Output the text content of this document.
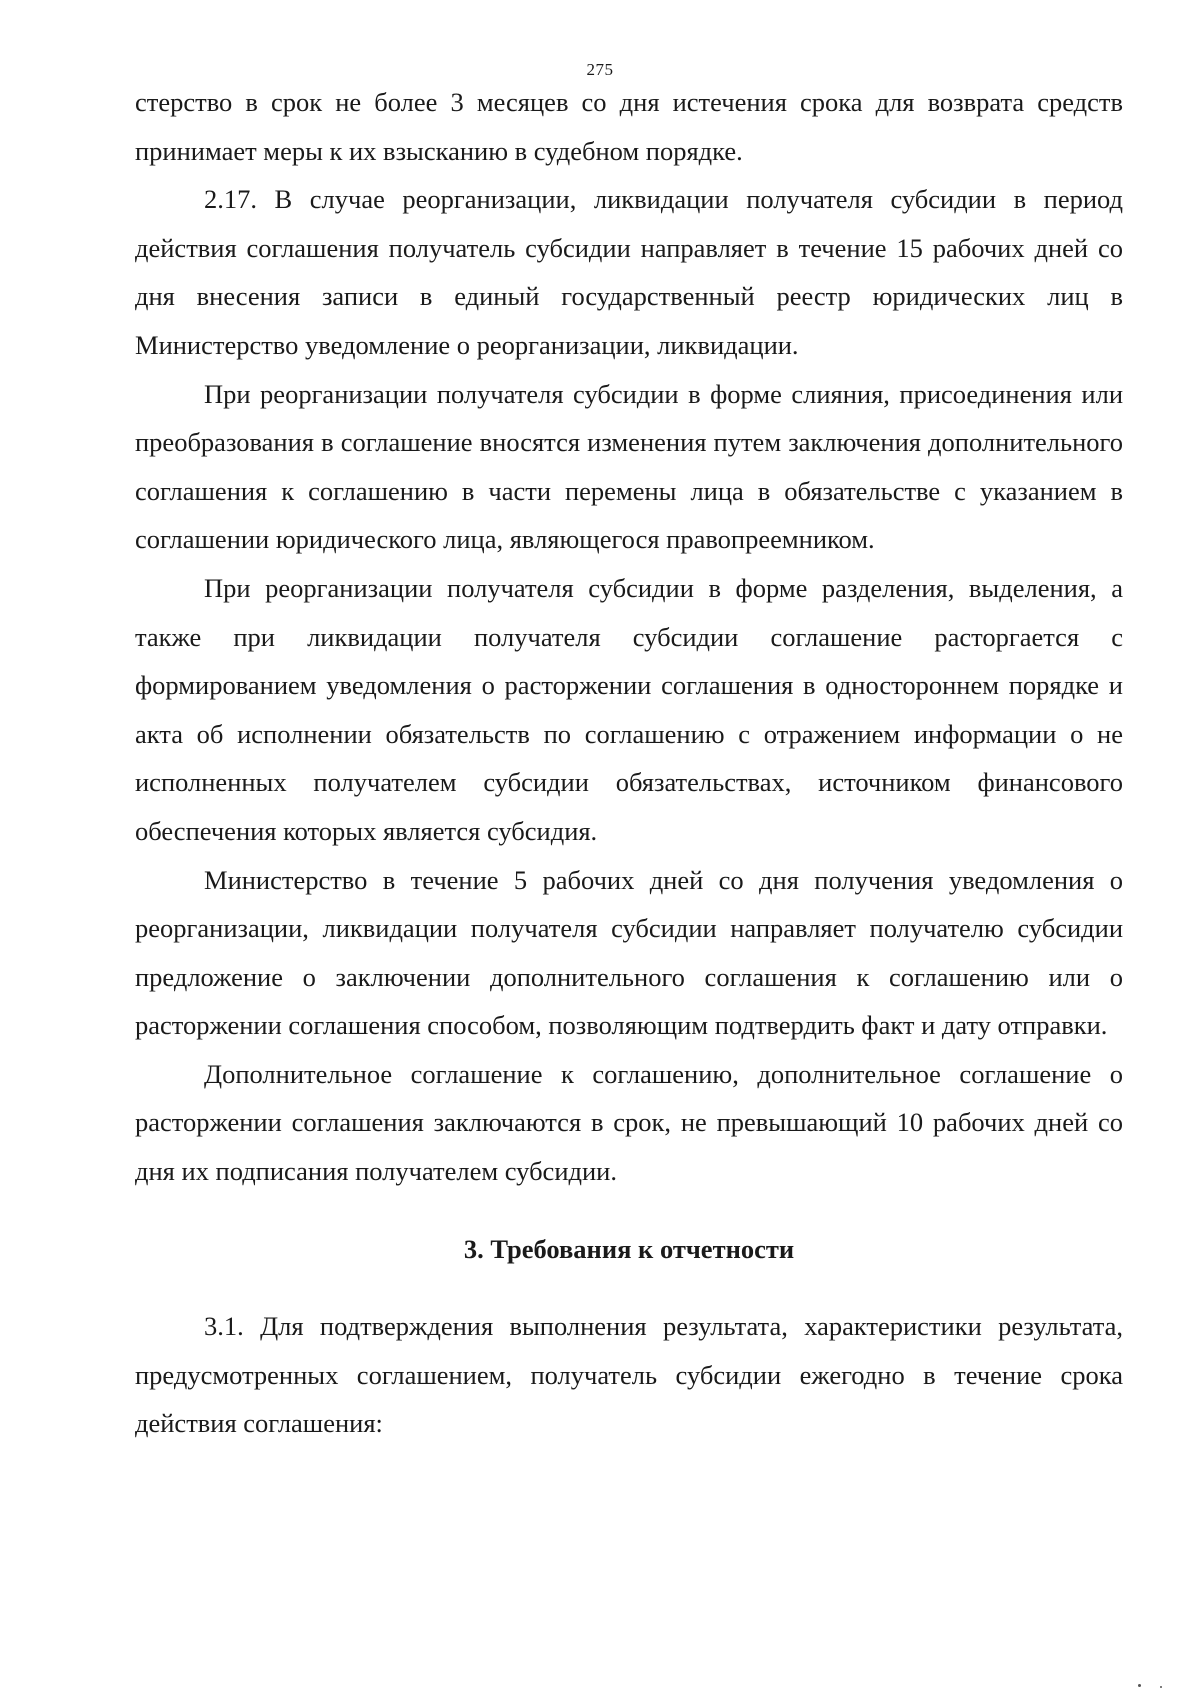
275

стерство в срок не более 3 месяцев со дня истечения срока для возврата средств принимает меры к их взысканию в судебном порядке.

2.17. В случае реорганизации, ликвидации получателя субсидии в период действия соглашения получатель субсидии направляет в течение 15 рабочих дней со дня внесения записи в единый государственный реестр юридических лиц в Министерство уведомление о реорганизации, ликвидации.

При реорганизации получателя субсидии в форме слияния, присоединения или преобразования в соглашение вносятся изменения путем заключения дополнительного соглашения к соглашению в части перемены лица в обязательстве с указанием в соглашении юридического лица, являющегося правопреемником.

При реорганизации получателя субсидии в форме разделения, выделения, а также при ликвидации получателя субсидии соглашение расторгается с формированием уведомления о расторжении соглашения в одностороннем порядке и акта об исполнении обязательств по соглашению с отражением информации о не исполненных получателем субсидии обязательствах, источником финансового обеспечения которых является субсидия.

Министерство в течение 5 рабочих дней со дня получения уведомления о реорганизации, ликвидации получателя субсидии направляет получателю субсидии предложение о заключении дополнительного соглашения к соглашению или о расторжении соглашения способом, позволяющим подтвердить факт и дату отправки.

Дополнительное соглашение к соглашению, дополнительное соглашение о расторжении соглашения заключаются в срок, не превышающий 10 рабочих дней со дня их подписания получателем субсидии.

3. Требования к отчетности

3.1. Для подтверждения выполнения результата, характеристики результата, предусмотренных соглашением, получатель субсидии ежегодно в течение срока действия соглашения:
